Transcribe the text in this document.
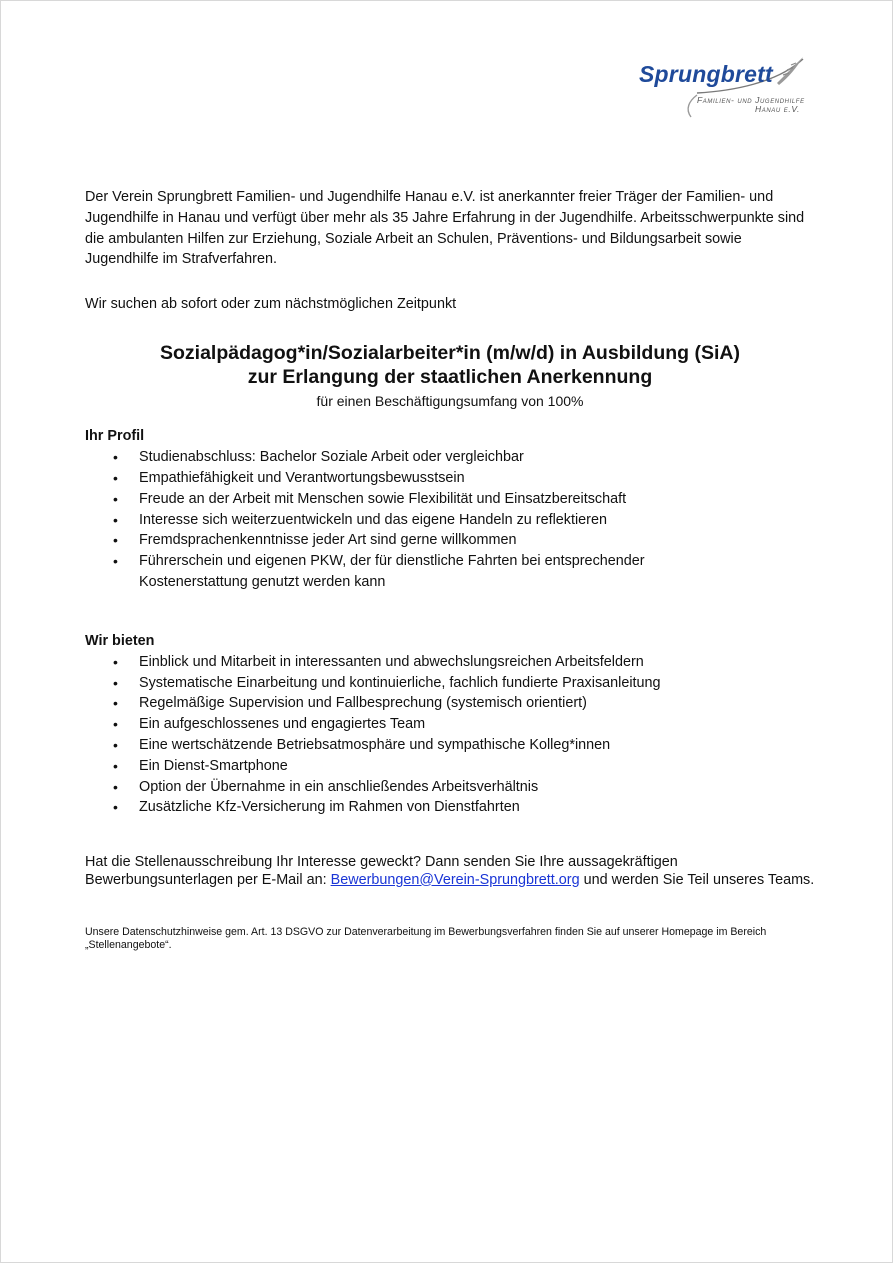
Sprungbrett
Familien- und Jugendhilfe
Hanau e.V.

Der Verein Sprungbrett Familien- und Jugendhilfe Hanau e.V. ist anerkannter freier Träger der Familien- und Jugendhilfe in Hanau und verfügt über mehr als 35 Jahre Erfahrung in der Jugendhilfe. Arbeitsschwerpunkte sind die ambulanten Hilfen zur Erziehung, Soziale Arbeit an Schulen, Präventions- und Bildungsarbeit sowie Jugendhilfe im Strafverfahren.

Wir suchen ab sofort oder zum nächstmöglichen Zeitpunkt

Sozialpädagog*in/Sozialarbeiter*in (m/w/d) in Ausbildung (SiA)
zur Erlangung der staatlichen Anerkennung

für einen Beschäftigungsumfang von 100%

Ihr Profil

• Studienabschluss: Bachelor Soziale Arbeit oder vergleichbar
• Empathiefähigkeit und Verantwortungsbewusstsein
• Freude an der Arbeit mit Menschen sowie Flexibilität und Einsatzbereitschaft
• Interesse sich weiterzuentwickeln und das eigene Handeln zu reflektieren
• Fremdsprachenkenntnisse jeder Art sind gerne willkommen
• Führerschein und eigenen PKW, der für dienstliche Fahrten bei entsprechender Kostenerstattung genutzt werden kann

Wir bieten

• Einblick und Mitarbeit in interessanten und abwechslungsreichen Arbeitsfeldern
• Systematische Einarbeitung und kontinuierliche, fachlich fundierte Praxisanleitung
• Regelmäßige Supervision und Fallbesprechung (systemisch orientiert)
• Ein aufgeschlossenes und engagiertes Team
• Eine wertschätzende Betriebsatmosphäre und sympathische Kolleg*innen
• Ein Dienst-Smartphone
• Option der Übernahme in ein anschließendes Arbeitsverhältnis
• Zusätzliche Kfz-Versicherung im Rahmen von Dienstfahrten

Hat die Stellenausschreibung Ihr Interesse geweckt? Dann senden Sie Ihre aussagekräftigen Bewerbungsunterlagen per E-Mail an: Bewerbungen@Verein-Sprungbrett.org und werden Sie Teil unseres Teams.

Unsere Datenschutzhinweise gem. Art. 13 DSGVO zur Datenverarbeitung im Bewerbungsverfahren finden Sie auf unserer Homepage im Bereich „Stellenangebote“.
